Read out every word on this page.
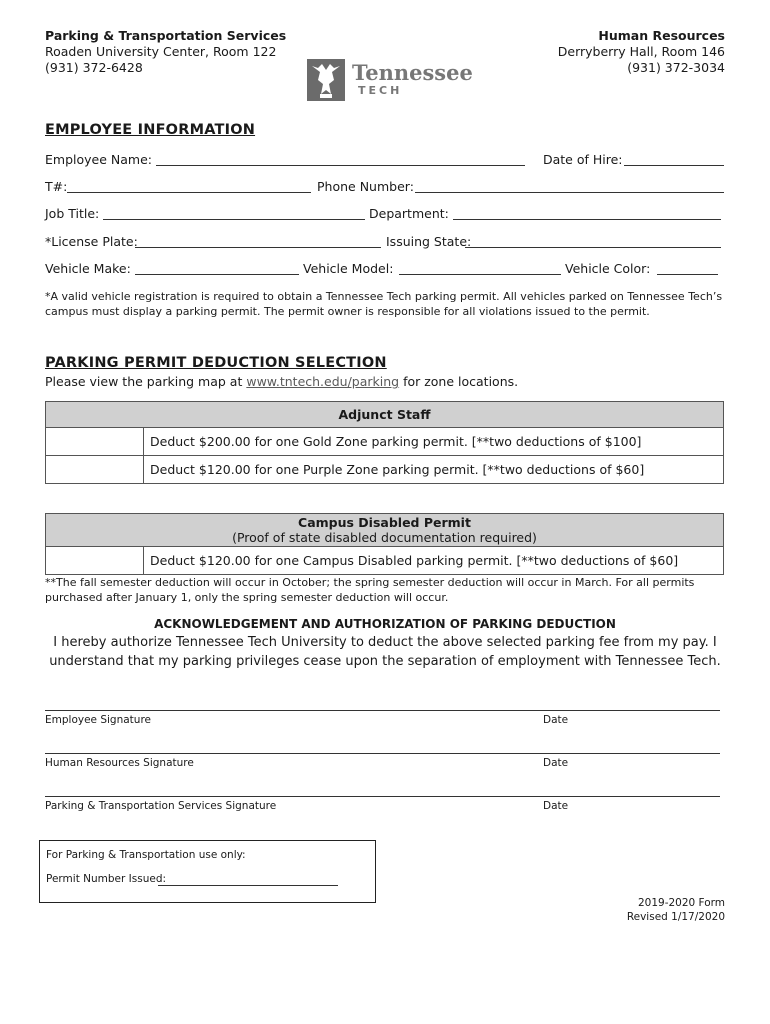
Parking & Transportation Services
Roaden University Center, Room 122
(931) 372-6428
Human Resources
Derryberry Hall, Room 146
(931) 372-3034
Tennessee
TECH
EMPLOYEE INFORMATION
Employee Name:	Date of Hire:
T#:	Phone Number:
Job Title:	Department:
*License Plate:	Issuing State:
Vehicle Make:	Vehicle Model:	Vehicle Color:
*A valid vehicle registration is required to obtain a Tennessee Tech parking permit. All vehicles parked on Tennessee Tech’s
campus must display a parking permit. The permit owner is responsible for all violations issued to the permit.
PARKING PERMIT DEDUCTION SELECTION
Please view the parking map at www.tntech.edu/parking for zone locations.
Adjunct Staff	
	Deduct $200.00 for one Gold Zone parking permit. [**two deductions of $100]
	Deduct $120.00 for one Purple Zone parking permit. [**two deductions of $60]
Campus Disabled Permit
(Proof of state disabled documentation required)

	Deduct $120.00 for one Campus Disabled parking permit. [**two deductions of $60]
**The fall semester deduction will occur in October; the spring semester deduction will occur in March. For all permits
purchased after January 1, only the spring semester deduction will occur.
ACKNOWLEDGEMENT AND AUTHORIZATION OF PARKING DEDUCTION
I hereby authorize Tennessee Tech University to deduct the above selected parking fee from my pay. I
understand that my parking privileges cease upon the separation of employment with Tennessee Tech.
Employee Signature	Date
Human Resources Signature	Date
Parking & Transportation Services Signature	Date
For Parking & Transportation use only:
Permit Number Issued:
2019-2020 Form
Revised 1/17/2020
